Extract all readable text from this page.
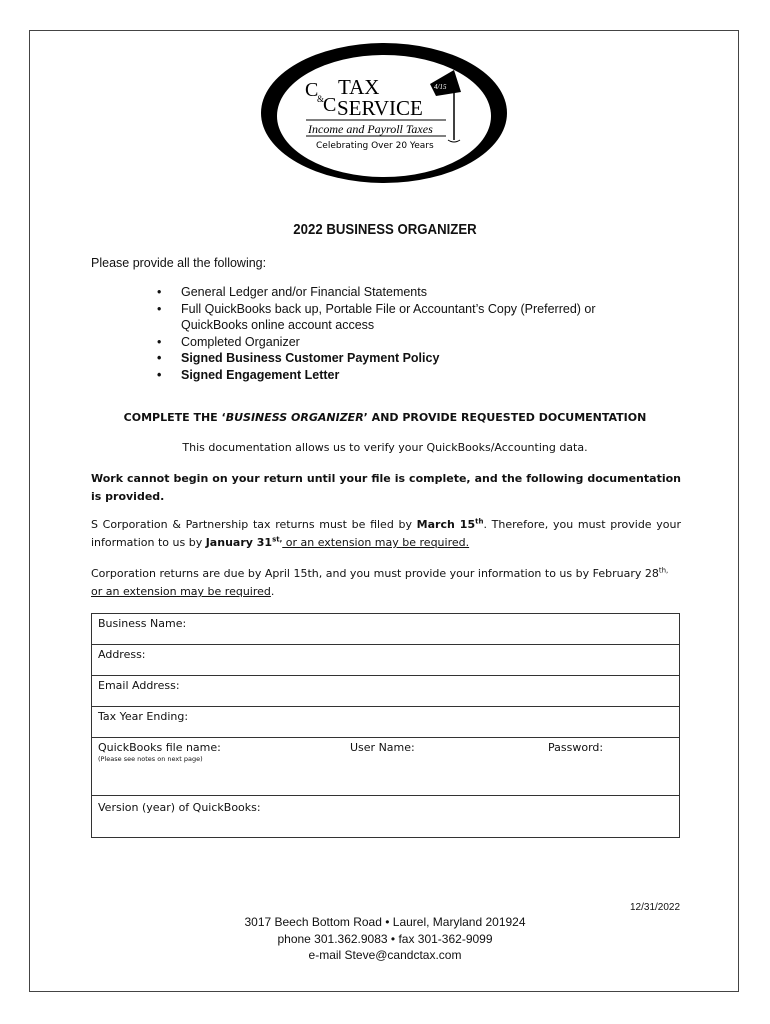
C
&
C
TAX
SERVICE
Income and Payroll Taxes
Celebrating Over 20 Years
4/15
2022 BUSINESS ORGANIZER
Please provide all the following:
• General Ledger and/or Financial Statements
• Full QuickBooks back up, Portable File or Accountant’s Copy (Preferred) or
QuickBooks online account access
• Completed Organizer
• Signed Business Customer Payment Policy
• Signed Engagement Letter
COMPLETE THE ‘BUSINESS ORGANIZER’ AND PROVIDE REQUESTED DOCUMENTATION
This documentation allows us to verify your QuickBooks/Accounting data.
Work cannot begin on your return until your file is complete, and the following documentation is provided.
S Corporation & Partnership tax returns must be filed by March 15th. Therefore, you must provide your information to us by January $31^{st,}$ or an extension may be required.
Corporation returns are due by April 15th, and you must provide your information to us by February $28^{th,}$
or an extension may be required.
Business Name:
Address:
Email Address:
Tax Year Ending:

QuickBooks file name:
(Please see notes on next page)
User Name:	Password:

Version (year) of QuickBooks:
12/31/2022
3017 Beech Bottom Road • Laurel, Maryland 201924
phone 301.362.9083 • fax 301-362-9099
e-mail Steve@candctax.com
